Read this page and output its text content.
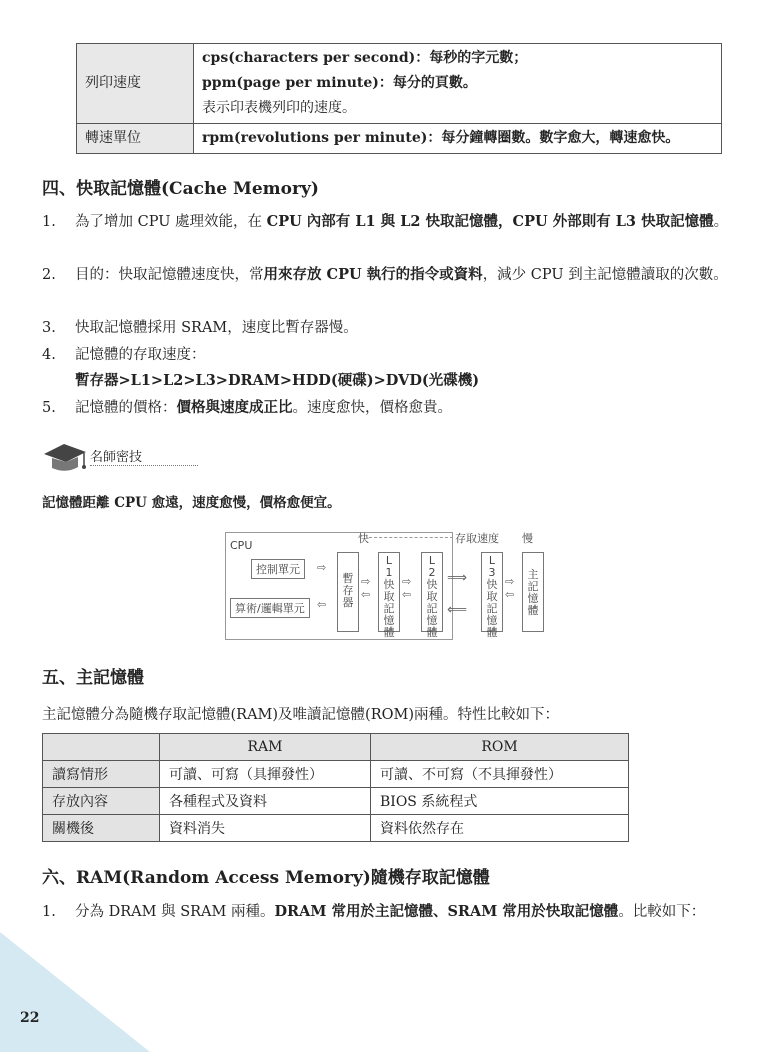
列印速度	cps(characters per second)：每秒的字元數；
ppm(page per minute)：每分的頁數。
表示印表機列印的速度。

轉速單位	rpm(revolutions per minute)：每分鐘轉圈數。數字愈大，轉速愈快。
四、快取記憶體(Cache Memory)
1. 為了增加 CPU 處理效能，在 CPU 內部有 L1 與 L2 快取記憶體，CPU 外部則有 L3 快取記憶體。
2. 目的：快取記憶體速度快，常用來存放 CPU 執行的指令或資料，減少 CPU 到主記憶體讀取的次數。
3. 快取記憶體採用 SRAM，速度比暫存器慢。
4. 記憶體的存取速度：
暫存器>L1>L2>L3>DRAM>HDD(硬碟)>DVD(光碟機)
5. 記憶體的價格：價格與速度成正比。速度愈快，價格愈貴。
名師密技
記憶體距離 CPU 愈遠，速度愈慢，價格愈便宜。
CPU
快	存取速度 慢
控制單元
算術/邏輯單元
⇨
⇦
暫存器
⇨
⇦
L1快取記憶體
⇨
⇦
L2快取記憶體
⟹

⟸
L3快取記憶體
⇨
⇦
主記憶體
五、主記憶體
主記憶體分為隨機存取記憶體(RAM)及唯讀記憶體(ROM)兩種。特性比較如下：
	RAM	ROM
讀寫情形	可讀、可寫（具揮發性）	可讀、不可寫（不具揮發性）
存放內容	各種程式及資料	BIOS 系統程式
關機後	資料消失	資料依然存在
六、RAM(Random Access Memory)隨機存取記憶體
1. 分為 DRAM 與 SRAM 兩種。DRAM 常用於主記憶體、SRAM 常用於快取記憶體。比較如下：
22
